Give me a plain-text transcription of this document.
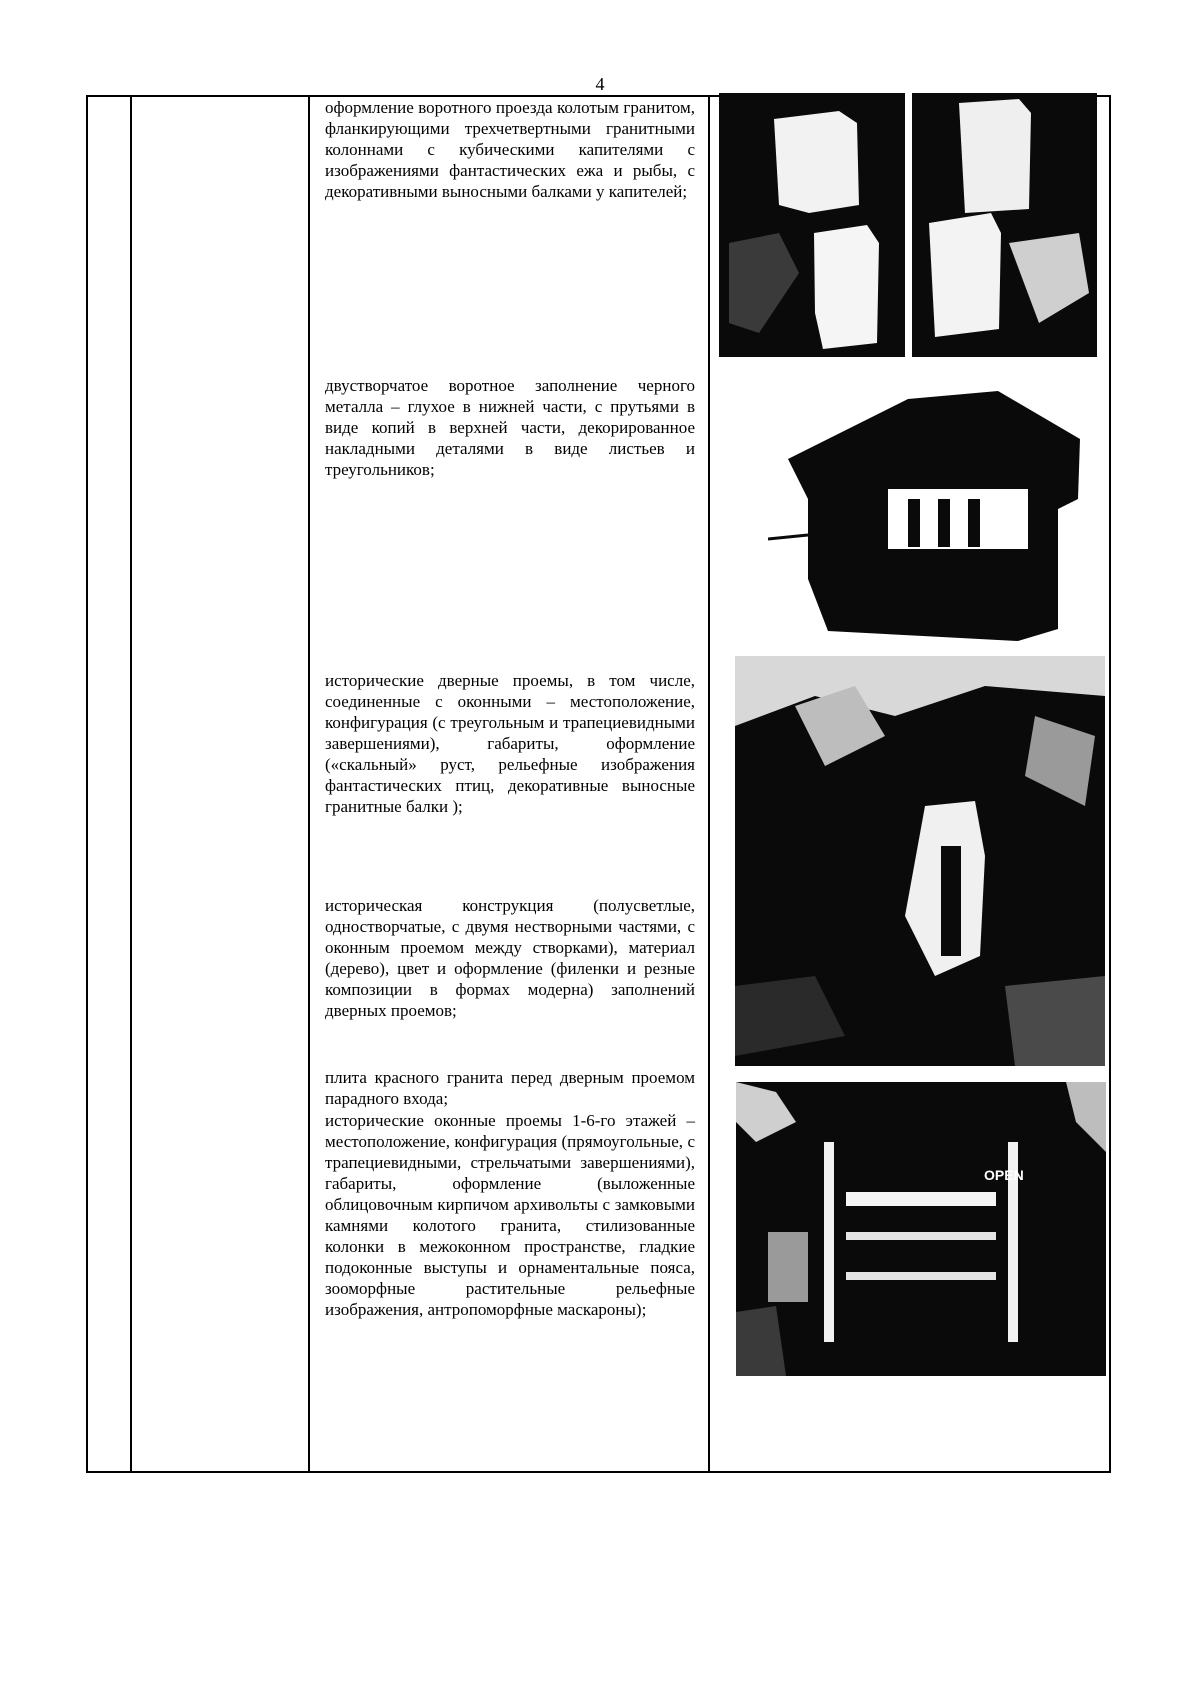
4

оформление воротного проезда колотым гранитом, фланкирующими трехчетвертными гранитными колоннами с кубическими капителями с изображениями фантастических ежа и рыбы, с декоративными выносными балками у капителей;

двустворчатое воротное заполнение черного металла – глухое в нижней части, с прутьями в виде копий в верхней части, декорированное накладными деталями в виде листьев и треугольников;

исторические дверные проемы, в том числе, соединенные с оконными – местоположение, конфигурация (с треугольным и трапециевидными завершениями), габариты, оформление («скальный» руст, рельефные изображения фантастических птиц, декоративные выносные гранитные балки );

историческая конструкция (полусветлые, одностворчатые, с двумя нестворными частями, с оконным проемом между створками), материал (дерево), цвет и оформление (филенки и резные композиции в формах модерна) заполнений дверных проемов;

плита красного гранита перед дверным проемом парадного входа;

исторические оконные проемы 1-6-го этажей – местоположение, конфигурация (прямоугольные, с трапециевидными, стрельчатыми завершениями), габариты, оформление (выложенные облицовочным кирпичом архивольты с замковыми камнями колотого гранита, стилизованные колонки в межоконном пространстве, гладкие подоконные выступы и орнаментальные пояса, зооморфные растительные рельефные изображения, антропоморфные маскароны);

OPEN
